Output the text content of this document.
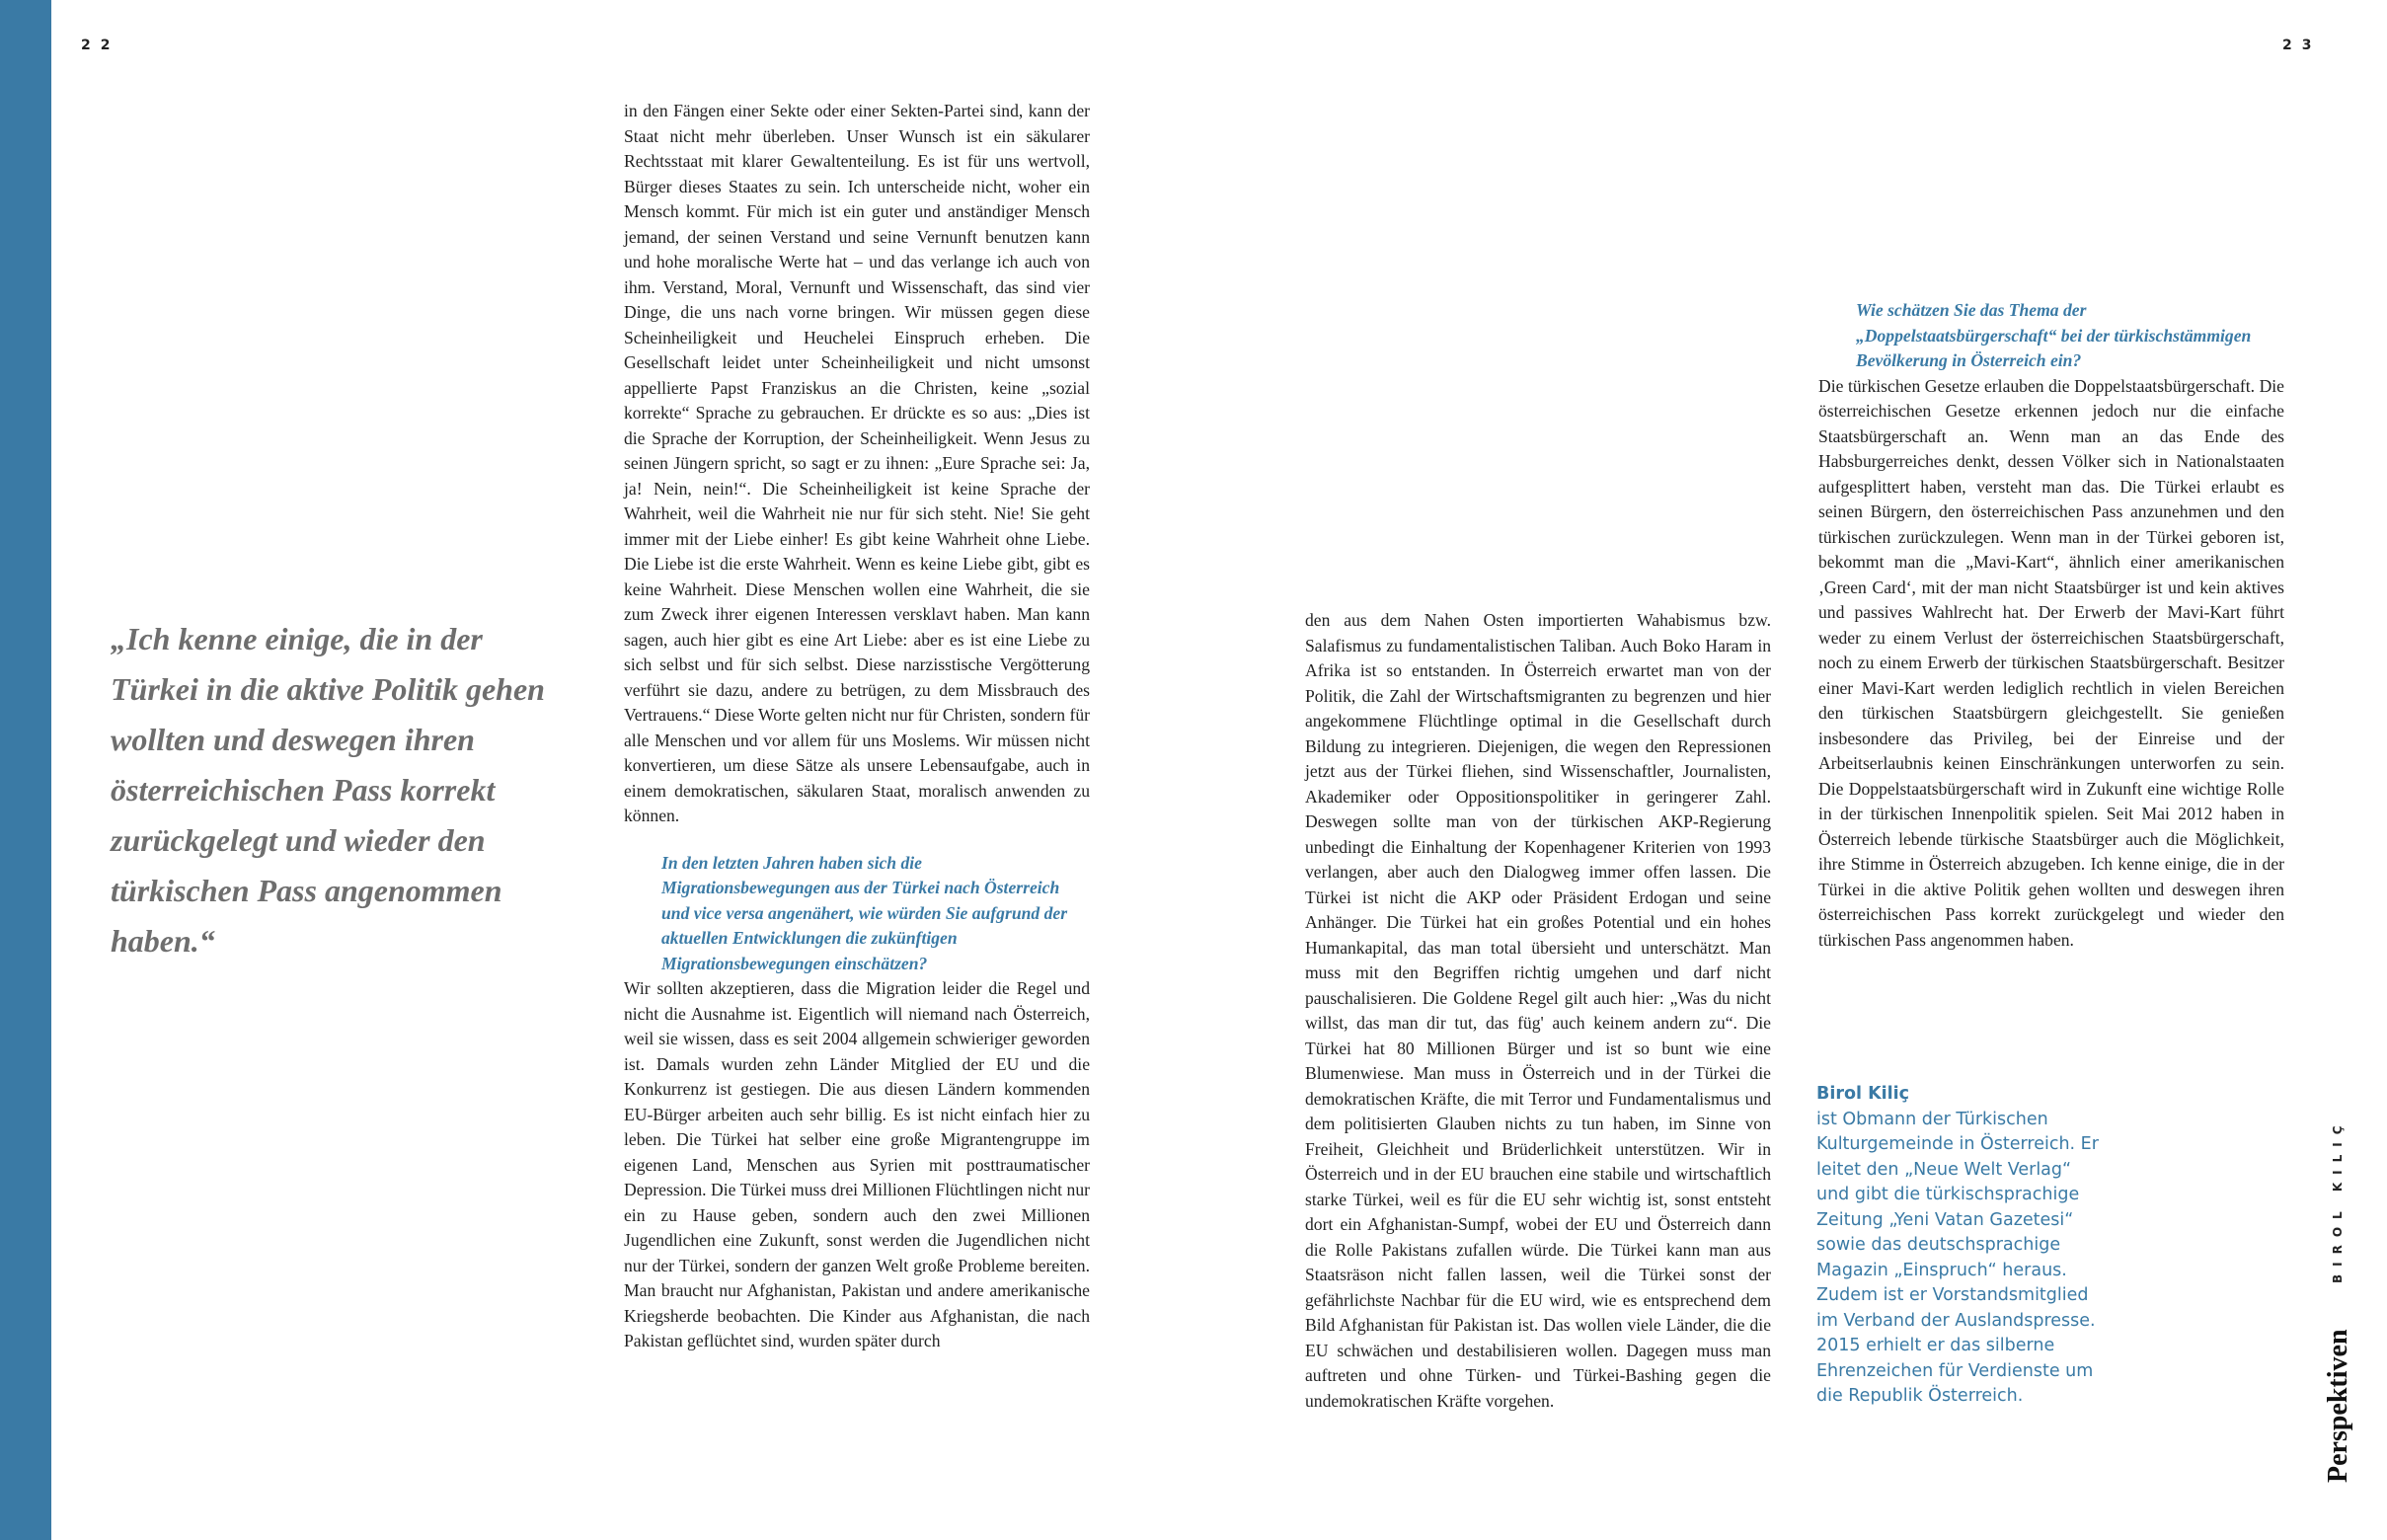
22	23
„Ich kenne einige, die in der Türkei in die aktive Politik gehen wollten und deswegen ihren österreichischen Pass korrekt zurückgelegt und wieder den türkischen Pass angenommen haben.“

in den Fängen einer Sekte oder einer Sekten-Partei sind, kann der Staat nicht mehr überleben. Unser Wunsch ist ein säkularer Rechtsstaat mit klarer Gewaltenteilung. Es ist für uns wertvoll, Bürger dieses Staates zu sein. Ich unterscheide nicht, woher ein Mensch kommt. Für mich ist ein guter und anständiger Mensch jemand, der seinen Verstand und seine Vernunft benutzen kann und hohe moralische Werte hat – und das verlange ich auch von ihm. Verstand, Moral, Vernunft und Wissenschaft, das sind vier Dinge, die uns nach vorne bringen. Wir müssen gegen diese Scheinheiligkeit und Heuchelei Einspruch erheben. Die Gesellschaft leidet unter Scheinheiligkeit und nicht umsonst appellierte Papst Franziskus an die Christen, keine „sozial korrekte“ Sprache zu gebrauchen. Er drückte es so aus: „Dies ist die Sprache der Korruption, der Scheinheiligkeit. Wenn Jesus zu seinen Jüngern spricht, so sagt er zu ihnen: „Eure Sprache sei: Ja, ja! Nein, nein!“. Die Scheinheiligkeit ist keine Sprache der Wahrheit, weil die Wahrheit nie nur für sich steht. Nie! Sie geht immer mit der Liebe einher! Es gibt keine Wahrheit ohne Liebe. Die Liebe ist die erste Wahrheit. Wenn es keine Liebe gibt, gibt es keine Wahrheit. Diese Menschen wollen eine Wahrheit, die sie zum Zweck ihrer eigenen Interessen versklavt haben. Man kann sagen, auch hier gibt es eine Art Liebe: aber es ist eine Liebe zu sich selbst und für sich selbst. Diese narzisstische Vergötterung verführt sie dazu, andere zu betrügen, zu dem Missbrauch des Vertrauens.“ Diese Worte gelten nicht nur für Christen, sondern für alle Menschen und vor allem für uns Moslems. Wir müssen nicht konvertieren, um diese Sätze als unsere Lebensaufgabe, auch in einem demokratischen, säkularen Staat, moralisch anwenden zu können.

In den letzten Jahren haben sich die Migrationsbewegungen aus der Türkei nach Österreich und vice versa angenähert, wie würden Sie aufgrund der aktuellen Entwicklungen die zukünftigen Migrationsbewegungen einschätzen?

Wir sollten akzeptieren, dass die Migration leider die Regel und nicht die Ausnahme ist. Eigentlich will niemand nach Österreich, weil sie wissen, dass es seit 2004 allgemein schwieriger geworden ist. Damals wurden zehn Länder Mitglied der EU und die Konkurrenz ist gestiegen. Die aus diesen Ländern kommenden EU-Bürger arbeiten auch sehr billig. Es ist nicht einfach hier zu leben. Die Türkei hat selber eine große Migrantengruppe im eigenen Land, Menschen aus Syrien mit posttraumatischer Depression. Die Türkei muss drei Millionen Flüchtlingen nicht nur ein zu Hause geben, sondern auch den zwei Millionen Jugendlichen eine Zukunft, sonst werden die Jugendlichen nicht nur der Türkei, sondern der ganzen Welt große Probleme bereiten. Man braucht nur Afghanistan, Pakistan und andere amerikanische Kriegsherde beobachten. Die Kinder aus Afghanistan, die nach Pakistan geflüchtet sind, wurden später durch

den aus dem Nahen Osten importierten Wahabismus bzw. Salafismus zu fundamentalistischen Taliban. Auch Boko Haram in Afrika ist so entstanden. In Österreich erwartet man von der Politik, die Zahl der Wirtschaftsmigranten zu begrenzen und hier angekommene Flüchtlinge optimal in die Gesellschaft durch Bildung zu integrieren. Diejenigen, die wegen den Repressionen jetzt aus der Türkei fliehen, sind Wissenschaftler, Journalisten, Akademiker oder Oppositionspolitiker in geringerer Zahl. Deswegen sollte man von der türkischen AKP-Regierung unbedingt die Einhaltung der Kopenhagener Kriterien von 1993 verlangen, aber auch den Dialogweg immer offen lassen. Die Türkei ist nicht die AKP oder Präsident Erdogan und seine Anhänger. Die Türkei hat ein großes Potential und ein hohes Humankapital, das man total übersieht und unterschätzt. Man muss mit den Begriffen richtig umgehen und darf nicht pauschalisieren. Die Goldene Regel gilt auch hier: „Was du nicht willst, das man dir tut, das füg' auch keinem andern zu“. Die Türkei hat 80 Millionen Bürger und ist so bunt wie eine Blumenwiese. Man muss in Österreich und in der Türkei die demokratischen Kräfte, die mit Terror und Fundamentalismus und dem politisierten Glauben nichts zu tun haben, im Sinne von Freiheit, Gleichheit und Brüderlichkeit unterstützen. Wir in Österreich und in der EU brauchen eine stabile und wirtschaftlich starke Türkei, weil es für die EU sehr wichtig ist, sonst entsteht dort ein Afghanistan-Sumpf, wobei der EU und Österreich dann die Rolle Pakistans zufallen würde. Die Türkei kann man aus Staatsräson nicht fallen lassen, weil die Türkei sonst der gefährlichste Nachbar für die EU wird, wie es entsprechend dem Bild Afghanistan für Pakistan ist. Das wollen viele Länder, die die EU schwächen und destabilisieren wollen. Dagegen muss man auftreten und ohne Türken- und Türkei-Bashing gegen die undemokratischen Kräfte vorgehen.

Wie schätzen Sie das Thema der „Doppelstaatsbürgerschaft“ bei der türkischstämmigen Bevölkerung in Österreich ein?

Die türkischen Gesetze erlauben die Doppelstaatsbürgerschaft. Die österreichischen Gesetze erkennen jedoch nur die einfache Staatsbürgerschaft an. Wenn man an das Ende des Habsburgerreiches denkt, dessen Völker sich in Nationalstaaten aufgesplittert haben, versteht man das. Die Türkei erlaubt es seinen Bürgern, den österreichischen Pass anzunehmen und den türkischen zurückzulegen. Wenn man in der Türkei geboren ist, bekommt man die „Mavi-Kart“, ähnlich einer amerikanischen ‚Green Card‘, mit der man nicht Staatsbürger ist und kein aktives und passives Wahlrecht hat. Der Erwerb der Mavi-Kart führt weder zu einem Verlust der österreichischen Staatsbürgerschaft, noch zu einem Erwerb der türkischen Staatsbürgerschaft. Besitzer einer Mavi-Kart werden lediglich rechtlich in vielen Bereichen den türkischen Staatsbürgern gleichgestellt. Sie genießen insbesondere das Privileg, bei der Einreise und der Arbeitserlaubnis keinen Einschränkungen unterworfen zu sein. Die Doppelstaatsbürgerschaft wird in Zukunft eine wichtige Rolle in der türkischen Innenpolitik spielen. Seit Mai 2012 haben in Österreich lebende türkische Staatsbürger auch die Möglichkeit, ihre Stimme in Österreich abzugeben. Ich kenne einige, die in der Türkei in die aktive Politik gehen wollten und deswegen ihren österreichischen Pass korrekt zurückgelegt und wieder den türkischen Pass angenommen haben.

Birol Kiliç
ist Obmann der Türkischen Kulturgemeinde in Österreich. Er leitet den „Neue Welt Verlag“ und gibt die türkischsprachige Zeitung „Yeni Vatan Gazetesi“ sowie das deutschsprachige Magazin „Einspruch“ heraus. Zudem ist er Vorstandsmitglied im Verband der Auslandspresse. 2015 erhielt er das silberne Ehrenzeichen für Verdienste um die Republik Österreich.
BIROL KILIÇ
Perspektiven
